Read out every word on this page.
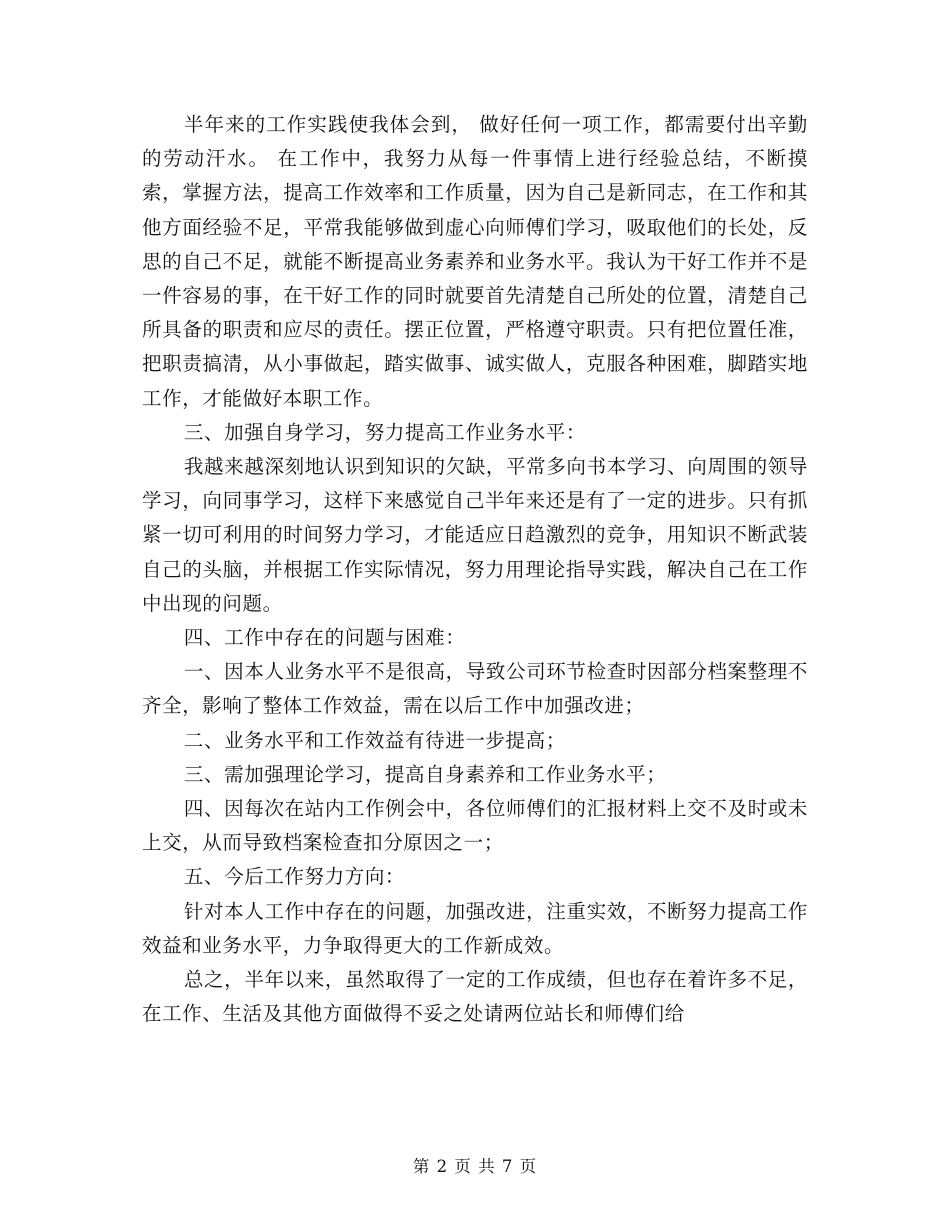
半年来的工作实践使我体会到， 做好任何一项工作，都需要付出辛勤的劳动汗水。 在工作中，我努力从每一件事情上进行经验总结，不断摸索，掌握方法，提高工作效率和工作质量，因为自己是新同志，在工作和其他方面经验不足，平常我能够做到虚心向师傅们学习，吸取他们的长处，反思的自己不足，就能不断提高业务素养和业务水平。我认为干好工作并不是一件容易的事，在干好工作的同时就要首先清楚自己所处的位置，清楚自己所具备的职责和应尽的责任。摆正位置，严格遵守职责。只有把位置任准，把职责搞清，从小事做起，踏实做事、诚实做人，克服各种困难，脚踏实地工作，才能做好本职工作。

三、加强自身学习，努力提高工作业务水平：

我越来越深刻地认识到知识的欠缺，平常多向书本学习、向周围的领导学习，向同事学习，这样下来感觉自己半年来还是有了一定的进步。只有抓紧一切可利用的时间努力学习，才能适应日趋激烈的竞争，用知识不断武装自己的头脑，并根据工作实际情况，努力用理论指导实践，解决自己在工作中出现的问题。

四、工作中存在的问题与困难：

一、因本人业务水平不是很高，导致公司环节检查时因部分档案整理不齐全，影响了整体工作效益，需在以后工作中加强改进；

二、业务水平和工作效益有待进一步提高；

三、需加强理论学习，提高自身素养和工作业务水平；

四、因每次在站内工作例会中，各位师傅们的汇报材料上交不及时或未上交，从而导致档案检查扣分原因之一；

五、今后工作努力方向：

针对本人工作中存在的问题，加强改进，注重实效，不断努力提高工作效益和业务水平，力争取得更大的工作新成效。

总之，半年以来，虽然取得了一定的工作成绩，但也存在着许多不足，在工作、生活及其他方面做得不妥之处请两位站长和师傅们给

第 2 页 共 7 页
